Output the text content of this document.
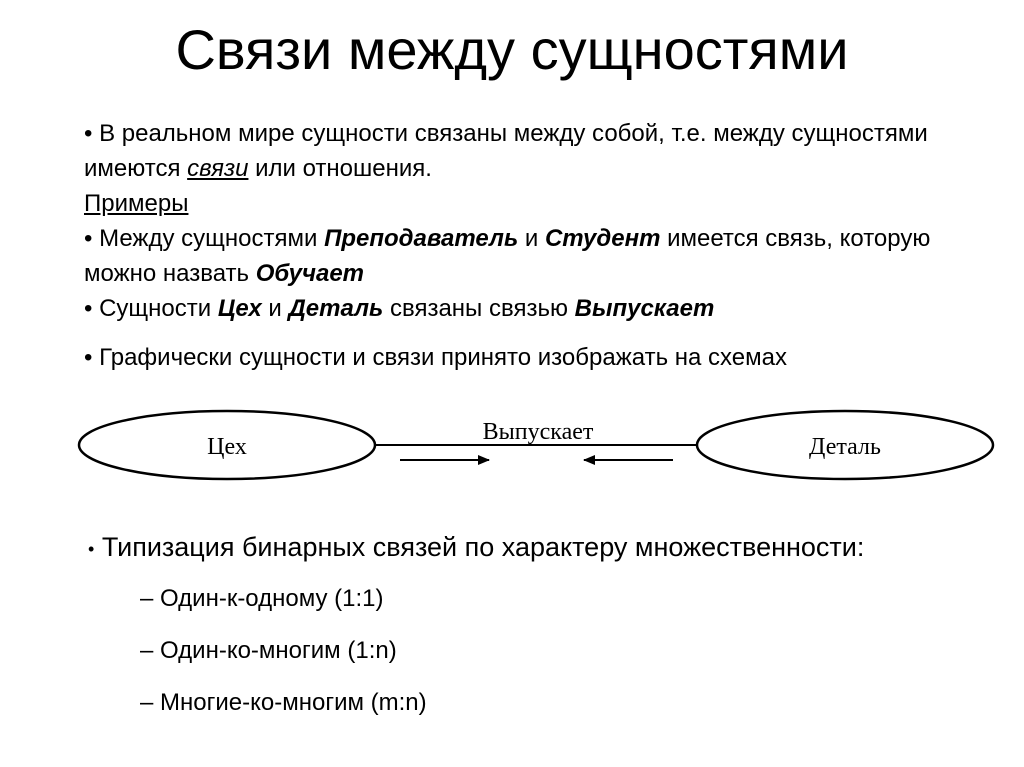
Связи между сущностями

• В реальном мире сущности связаны между собой, т.е. между сущностями имеются связи или отношения.

Примеры

• Между сущностями Преподаватель и Студент имеется связь, которую можно назвать Обучает

• Сущности Цех и Деталь связаны связью Выпускает

• Графически сущности и связи принято изображать на схемах

Цех	Деталь
Выпускает
• Типизация бинарных связей по характеру множественности:
– Один-к-одному (1:1)
– Один-ко-многим (1:n)
– Многие-ко-многим (m:n)
